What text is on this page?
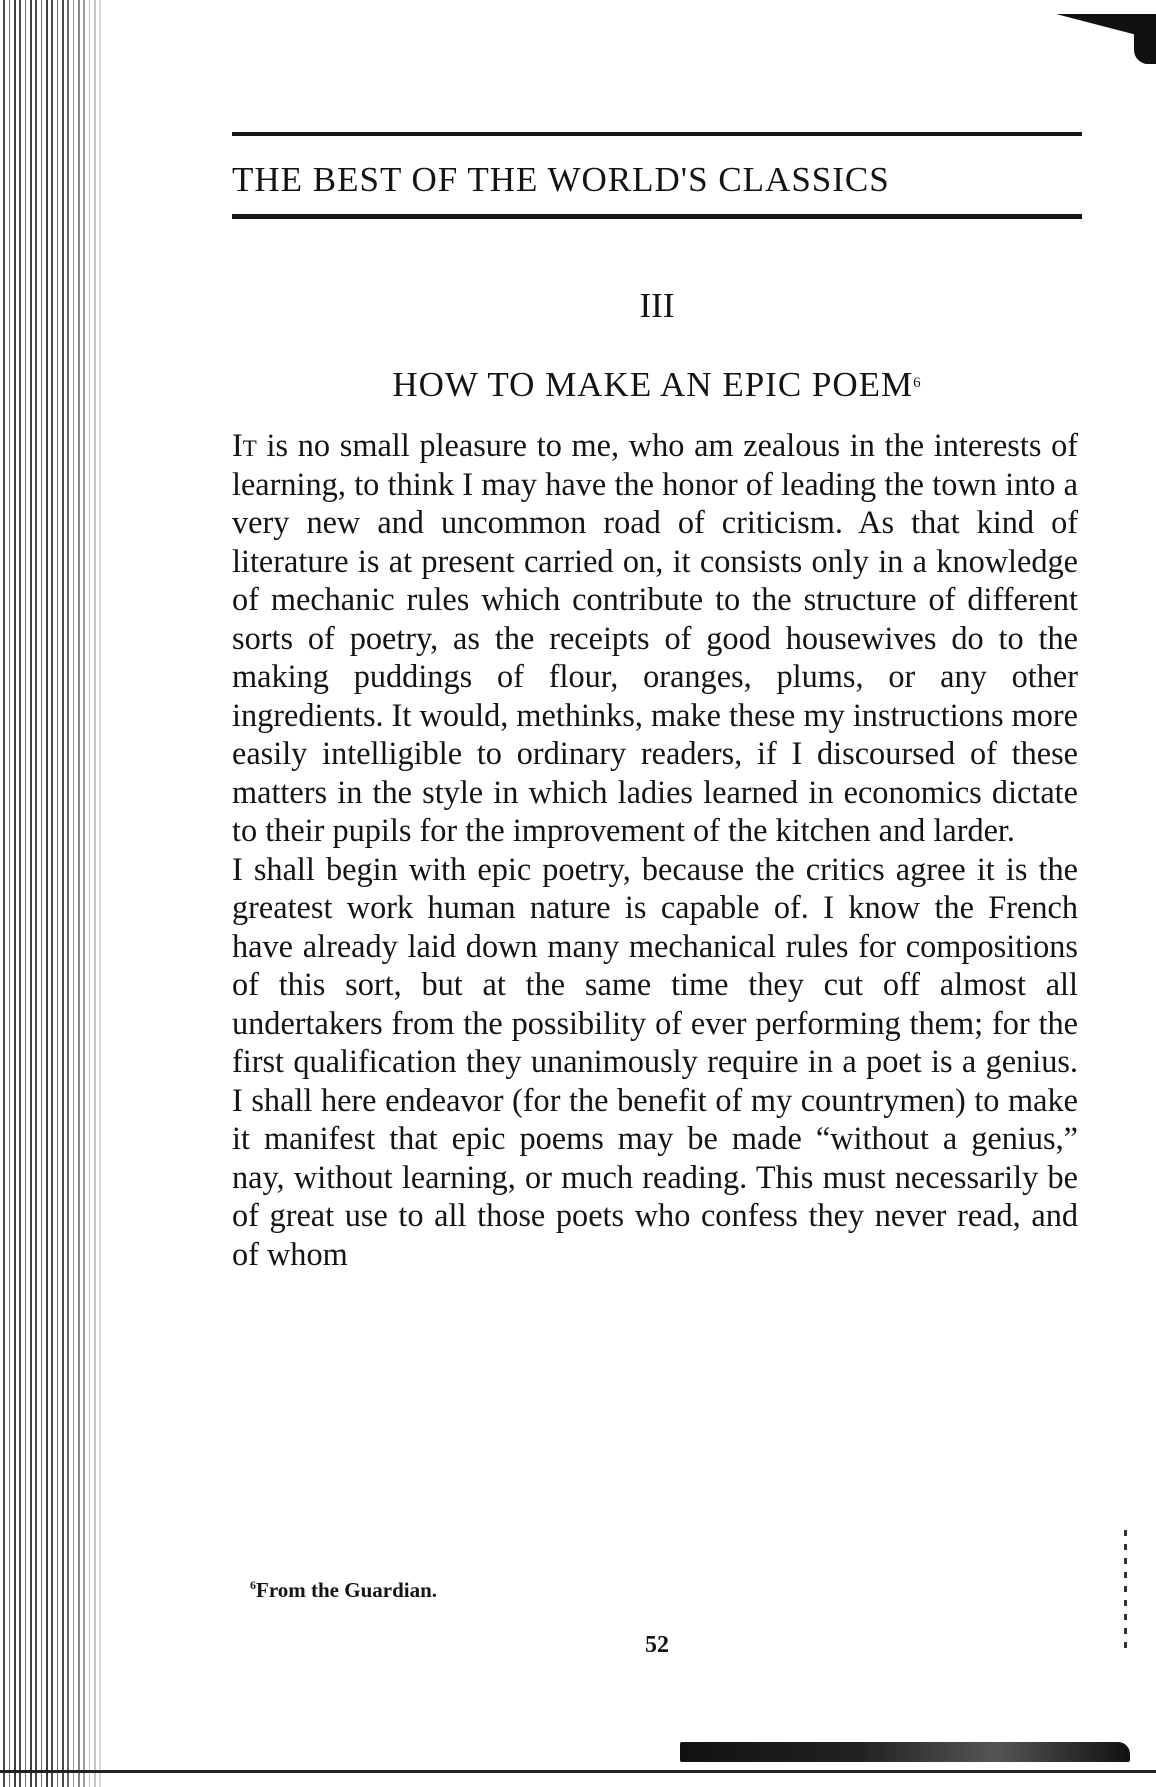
THE BEST OF THE WORLD'S CLASSICS
III
HOW TO MAKE AN EPIC POEM$^6$

It is no small pleasure to me, who am zealous in the interests of learning, to think I may have the honor of leading the town into a very new and uncommon road of criticism. As that kind of literature is at present carried on, it consists only in a knowledge of mechanic rules which contribute to the structure of different sorts of poetry, as the receipts of good housewives do to the making puddings of flour, oranges, plums, or any other ingredients. It would, methinks, make these my instructions more easily intelligible to ordinary readers, if I discoursed of these matters in the style in which ladies learned in economics dictate to their pupils for the improvement of the kitchen and larder.

I shall begin with epic poetry, because the critics agree it is the greatest work human nature is capable of. I know the French have already laid down many mechanical rules for compositions of this sort, but at the same time they cut off almost all undertakers from the possibility of ever performing them; for the first qualification they unanimously require in a poet is a genius. I shall here endeavor (for the benefit of my countrymen) to make it manifest that epic poems may be made “without a genius,” nay, without learning, or much reading. This must necessarily be of great use to all those poets who confess they never read, and of whom

$^6$From the Guardian.
52
